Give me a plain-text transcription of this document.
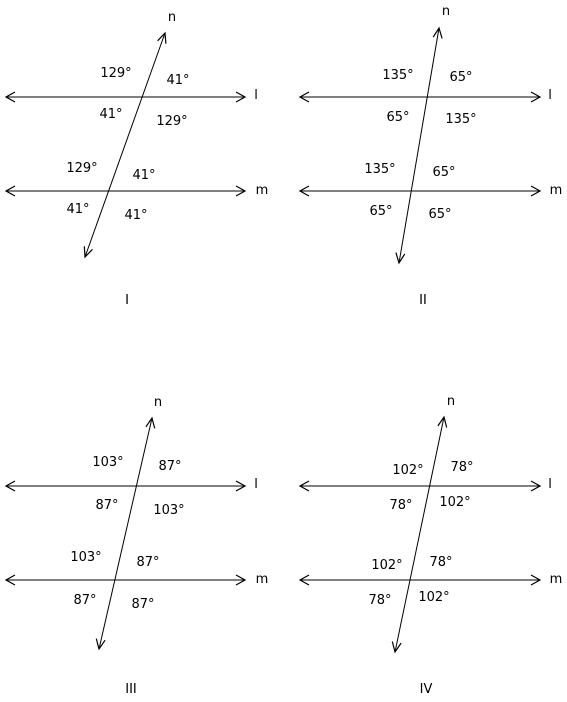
n
l
m
129°	41°
41°	129°
129°	41°
41°	41°
I
n
l
m
135°	65°
65°	135°
135°	65°
65°	65°
II
n
l
m
103°	87°
87°	103°
103°	87°
87°	87°
III
n
l
m
102° 78°
78° 102°
102° 78°
78° 102°
IV
